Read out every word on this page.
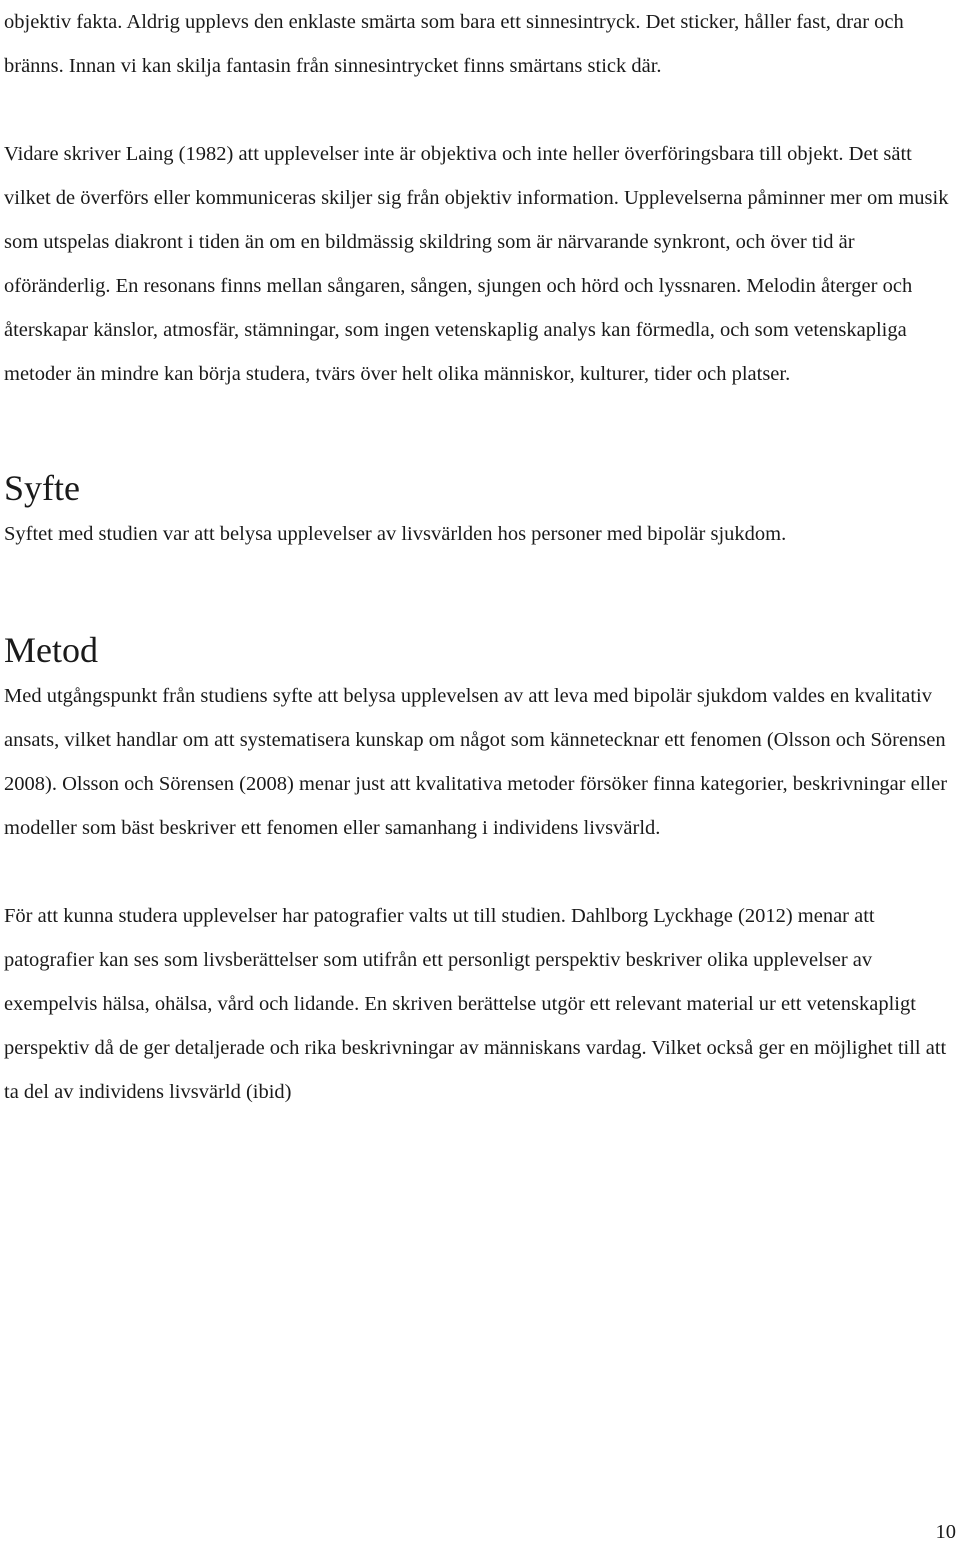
objektiv fakta. Aldrig upplevs den enklaste smärta som bara ett sinnesintryck. Det sticker, håller fast, drar och bränns. Innan vi kan skilja fantasin från sinnesintrycket finns smärtans stick där.

Vidare skriver Laing (1982) att upplevelser inte är objektiva och inte heller överföringsbara till objekt. Det sätt vilket de överförs eller kommuniceras skiljer sig från objektiv information. Upplevelserna påminner mer om musik som utspelas diakront i tiden än om en bildmässig skildring som är närvarande synkront, och över tid är oföränderlig. En resonans finns mellan sångaren, sången, sjungen och hörd och lyssnaren. Melodin återger och återskapar känslor, atmosfär, stämningar, som ingen vetenskaplig analys kan förmedla, och som vetenskapliga metoder än mindre kan börja studera, tvärs över helt olika människor, kulturer, tider och platser.

Syfte

Syftet med studien var att belysa upplevelser av livsvärlden hos personer med bipolär sjukdom.

Metod

Med utgångspunkt från studiens syfte att belysa upplevelsen av att leva med bipolär sjukdom valdes en kvalitativ ansats, vilket handlar om att systematisera kunskap om något som kännetecknar ett fenomen (Olsson och Sörensen 2008). Olsson och Sörensen (2008) menar just att kvalitativa metoder försöker finna kategorier, beskrivningar eller modeller som bäst beskriver ett fenomen eller samanhang i individens livsvärld.

För att kunna studera upplevelser har patografier valts ut till studien. Dahlborg Lyckhage (2012) menar att patografier kan ses som livsberättelser som utifrån ett personligt perspektiv beskriver olika upplevelser av exempelvis hälsa, ohälsa, vård och lidande. En skriven berättelse utgör ett relevant material ur ett vetenskapligt perspektiv då de ger detaljerade och rika beskrivningar av människans vardag. Vilket också ger en möjlighet till att ta del av individens livsvärld (ibid)

10
